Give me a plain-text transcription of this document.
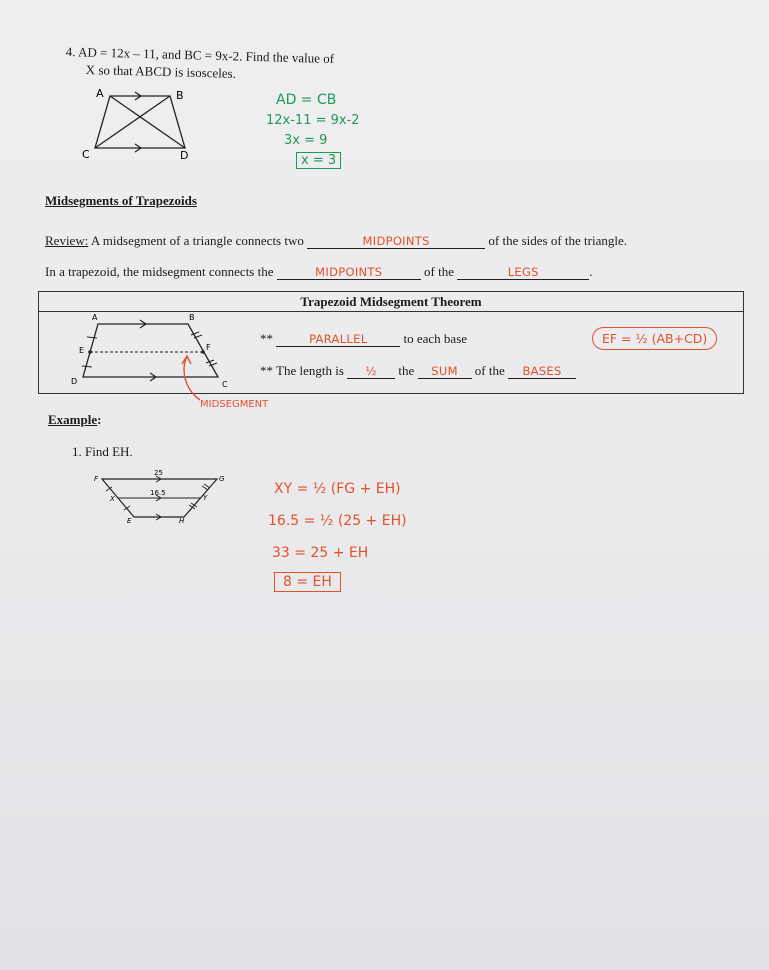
4. AD = 12x – 11, and BC = 9x-2. Find the value of
X so that ABCD is isosceles.
A	B
C	D
AD = CB
12x-11 = 9x-2
3x = 9
x = 3
Midsegments of Trapezoids
Review: A midsegment of a triangle connects two	MIDPOINTS	of the sides of the triangle.
In a trapezoid, the midsegment connects the	MIDPOINTS	of the	LEGS	.
Trapezoid Midsegment Theorem
A	B
C
D
E	F
MIDSEGMENT
**	PARALLEL	to each base
** The length is ½ the SUM of the BASES
EF = ½ (AB+CD)
Example:
1. Find EH.
25
16.5
F	G
X	Y
E	H
XY = ½ (FG + EH)
16.5 = ½ (25 + EH)
33 = 25 + EH
8 = EH
